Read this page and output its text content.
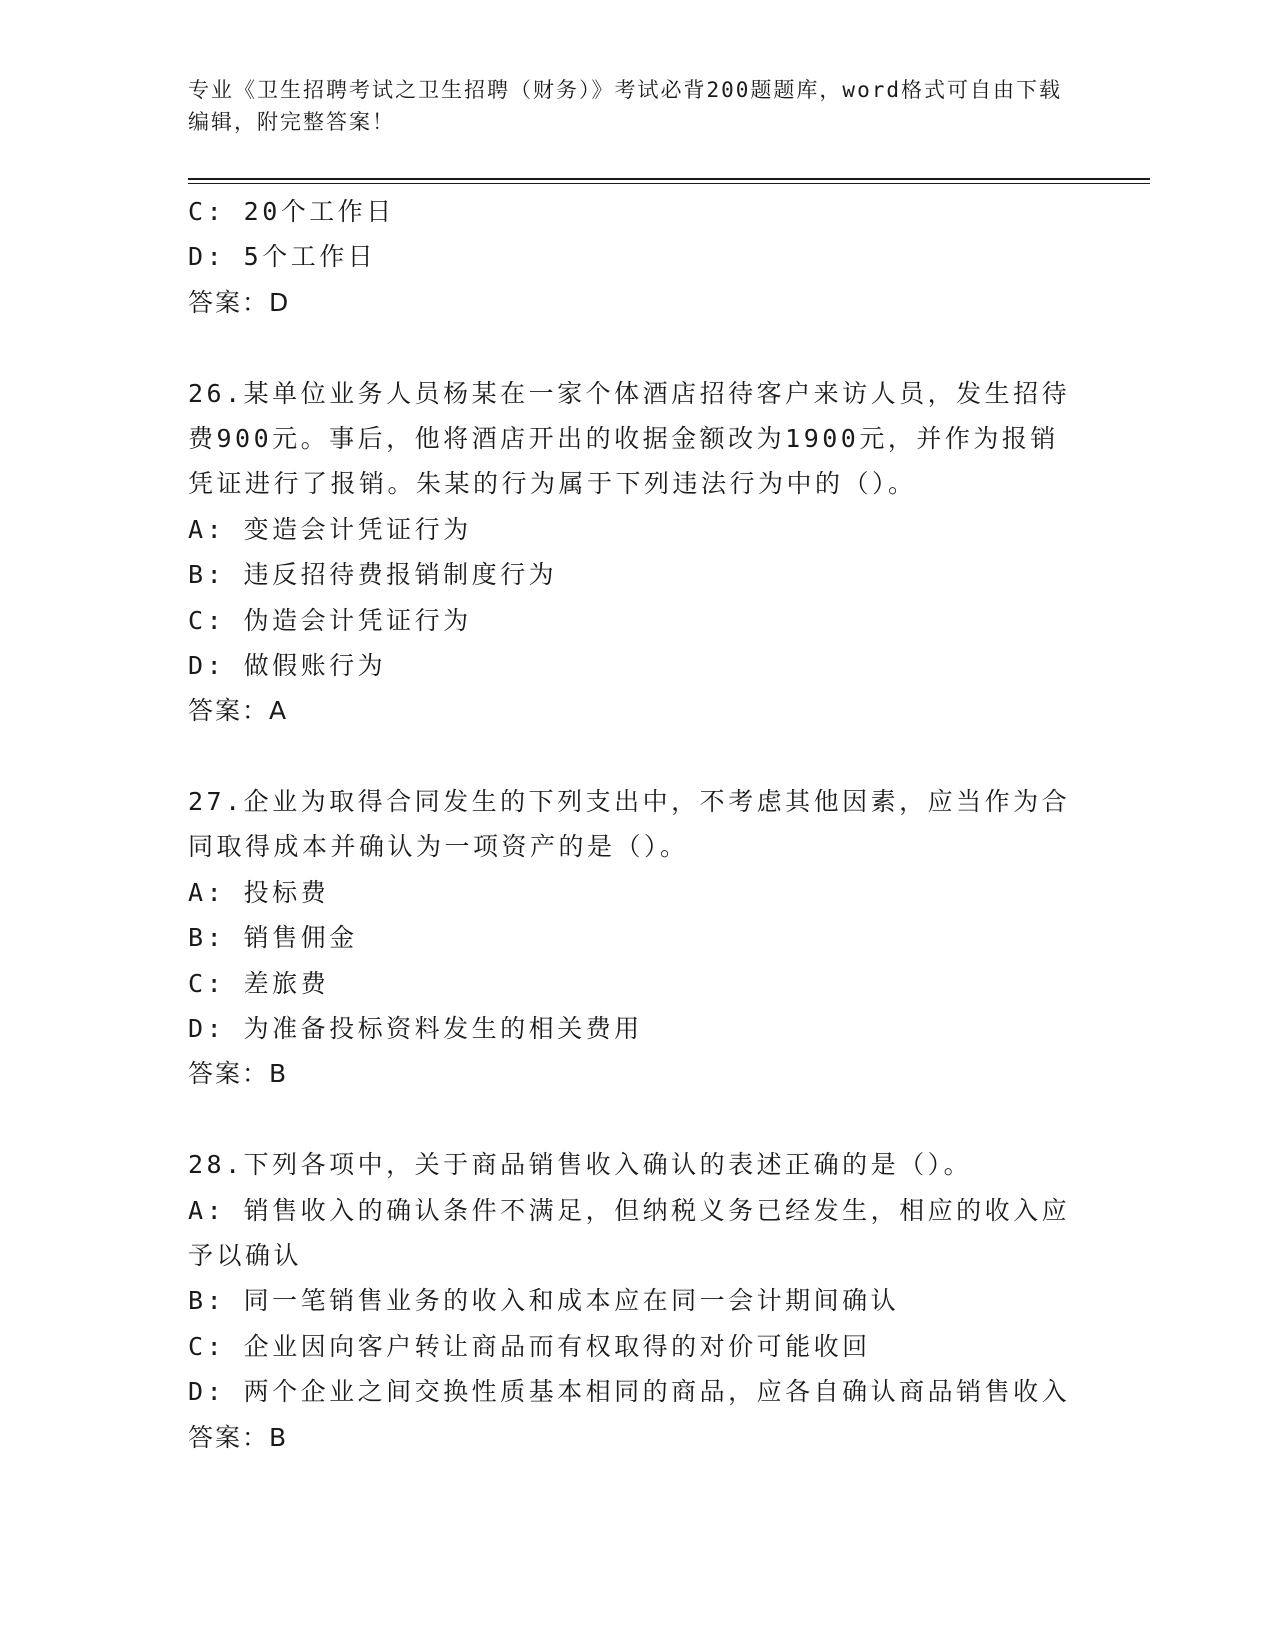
专业《卫生招聘考试之卫生招聘（财务）》考试必背200题题库，word格式可自由下载编辑，附完整答案！
C: 20个工作日
D: 5个工作日
答案：D
26.某单位业务人员杨某在一家个体酒店招待客户来访人员，发生招待
费900元。事后，他将酒店开出的收据金额改为1900元，并作为报销
凭证进行了报销。朱某的行为属于下列违法行为中的（）。
A: 变造会计凭证行为
B: 违反招待费报销制度行为
C: 伪造会计凭证行为
D: 做假账行为
答案：A
27.企业为取得合同发生的下列支出中，不考虑其他因素，应当作为合
同取得成本并确认为一项资产的是（）。
A: 投标费
B: 销售佣金
C: 差旅费
D: 为准备投标资料发生的相关费用
答案：B
28.下列各项中，关于商品销售收入确认的表述正确的是（）。
A: 销售收入的确认条件不满足，但纳税义务已经发生，相应的收入应
予以确认
B: 同一笔销售业务的收入和成本应在同一会计期间确认
C: 企业因向客户转让商品而有权取得的对价可能收回
D: 两个企业之间交换性质基本相同的商品，应各自确认商品销售收入
答案：B
